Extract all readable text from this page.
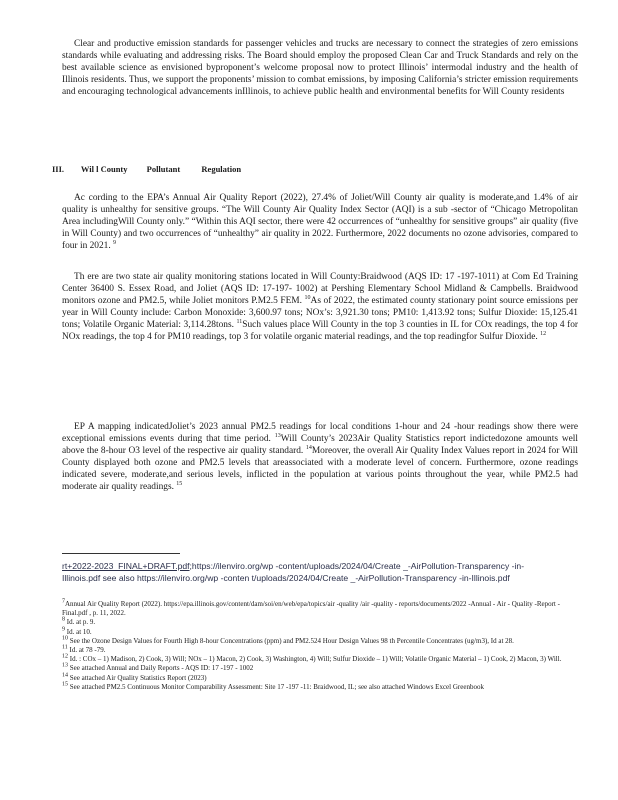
Clear and productive emission standards for passenger vehicles and trucks are necessary to connect the strategies of zero emissions standards while evaluating and addressing risks. The Board should employ the proposed Clean Car and Truck Standards and rely on the best available science as envisioned byproponent’s welcome proposal now to protect Illinois’ intermodal industry and the health of Illinois residents. Thus, we support the proponents’ mission to combat emissions, by imposing California’s stricter emission requirements and encouraging technological advancements inIllinois, to achieve public health and environmental benefits for Will County residents

III.        Wil l County         Pollutant          Regulation

Ac cording to the EPA’s Annual Air Quality Report (2022), 27.4% of Joliet/Will County air quality is moderate,and 1.4% of air quality is unhealthy for sensitive groups. “The Will County Air Quality Index Sector (AQI) is a sub -sector of “Chicago Metropolitan Area includingWill County only.” “Within this AQI sector, there were 42 occurrences of “unhealthy for sensitive groups” air quality (five in Will County) and two occurrences of “unhealthy” air quality in 2022. Furthermore, 2022 documents no ozone advisories, compared to four in 2021. $^9$

Th ere are two state air quality monitoring stations located in Will County:Braidwood (AQS ID: 17 -197-1011) at Com Ed Training Center 36400 S. Essex Road, and Joliet (AQS ID: 17-197- 1002) at Pershing Elementary School Midland & Campbells. Braidwood monitors ozone and PM2.5, while Joliet monitors P.M2.5 FEM. $^{10}$As of 2022, the estimated county stationary point source emissions per year in Will County include: Carbon Monoxide: 3,600.97 tons; NOx’s: 3,921.30 tons; PM10: 1,413.92 tons; Sulfur Dioxide: 15,125.41 tons; Volatile Organic Material: 3,114.28tons. $^{11}$Such values place Will County in the top 3 counties in IL for COx readings, the top 4 for NOx readings, the top 4 for PM10 readings, top 3 for volatile organic material readings, and the top readingfor Sulfur Dioxide. $^{12}$

EP A mapping indicatedJoliet’s 2023 annual PM2.5 readings for local conditions 1-hour and 24 -hour readings show there were exceptional emissions events during that time period. $^{13}$Will County’s 2023Air Quality Statistics report indictedozone amounts well above the 8-hour O3 level of the respective air quality standard. $^{14}$Moreover, the overall Air Quality Index Values report in 2024 for Will County displayed both ozone and PM2.5 levels that areassociated with a moderate level of concern. Furthermore, ozone readings indicated severe, moderate,and serious levels, inflicted in the population at various points throughout the year, while PM2.5 had moderate air quality readings. $^{15}$

rt+2022-2023_FINAL+DRAFT.pdf;https://ilenviro.org/wp -content/uploads/2024/04/Create _-AirPollution-Transparency -in-
Illinois.pdf see also https://ilenviro.org/wp -conten t/uploads/2024/04/Create _-AirPollution-Transparency -in-Illinois.pdf

$^7$Annual Air Quality Report (2022). https://epa.illinois.gov/content/dam/soi/en/web/epa/topics/air -quality /air -quality - reports/documents/2022 -Annual - Air - Quality -Report -Final.pdf , p. 11, 2022.
$^8$ Id. at p. 9.
$^9$ Id. at 10.
$^{10}$ See the Ozone Design Values for Fourth High 8-hour Concentrations (ppm) and PM2.524 Hour Design Values 98 th Percentile Concentrates (ug/m3), Id at 28.
$^{11}$ Id. at 78 -79.
$^{12}$ Id. : COx – 1) Madison, 2) Cook, 3) Will; NOx – 1) Macon, 2) Cook, 3) Washington, 4) Will; Sulfur Dioxide – 1) Will; Volatile Organic Material – 1) Cook, 2) Macon, 3) Will.
$^{13}$ See attached Annual and Daily Reports - AQS ID: 17 -197 - 1002
$^{14}$ See attached Air Quality Statistics Report (2023)
$^{15}$ See attached PM2.5 Continuous Monitor Comparability Assessment: Site 17 -197 -11: Braidwood, IL; see also attached Windows Excel Greenbook
